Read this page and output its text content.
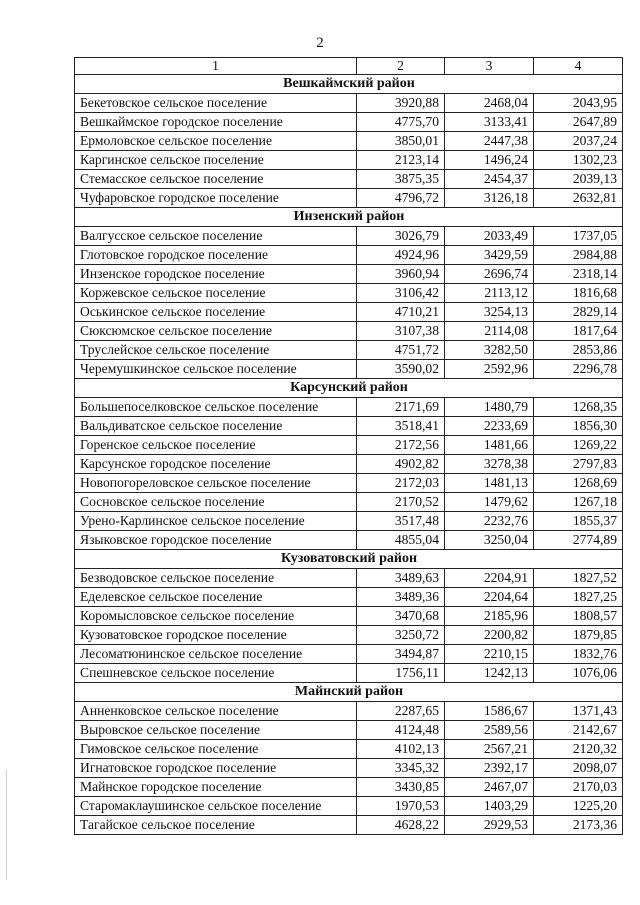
2
1	2	3	4
Вешкаймский район			
Бекетовское сельское поселение	3920,88	2468,04	2043,95
Вешкаймское городское поселение	4775,70	3133,41	2647,89
Ермоловское сельское поселение	3850,01	2447,38	2037,24
Каргинское сельское поселение	2123,14	1496,24	1302,23
Стемасское сельское поселение	3875,35	2454,37	2039,13
Чуфаровское городское поселение	4796,72	3126,18	2632,81
Инзенский район			
Валгусское сельское поселение	3026,79	2033,49	1737,05
Глотовское городское поселение	4924,96	3429,59	2984,88
Инзенское городское поселение	3960,94	2696,74	2318,14
Коржевское сельское поселение	3106,42	2113,12	1816,68
Оськинское сельское поселение	4710,21	3254,13	2829,14
Сюксюмское сельское поселение	3107,38	2114,08	1817,64
Труслейское сельское поселение	4751,72	3282,50	2853,86
Черемушкинское сельское поселение	3590,02	2592,96	2296,78
Карсунский район			
Большепоселковское сельское поселение	2171,69	1480,79	1268,35
Вальдиватское сельское поселение	3518,41	2233,69	1856,30
Горенское сельское поселение	2172,56	1481,66	1269,22
Карсунское городское поселение	4902,82	3278,38	2797,83
Новопогореловское сельское поселение	2172,03	1481,13	1268,69
Сосновское сельское поселение	2170,52	1479,62	1267,18
Урено-Карлинское сельское поселение	3517,48	2232,76	1855,37
Языковское городское поселение	4855,04	3250,04	2774,89
Кузоватовский район			
Безводовское сельское поселение	3489,63	2204,91	1827,52
Еделевское сельское поселение	3489,36	2204,64	1827,25
Коромысловское сельское поселение	3470,68	2185,96	1808,57
Кузоватовское городское поселение	3250,72	2200,82	1879,85
Лесоматюнинское сельское поселение	3494,87	2210,15	1832,76
Спешневское сельское поселение	1756,11	1242,13	1076,06
Майнский район			
Анненковское сельское поселение	2287,65	1586,67	1371,43
Выровское сельское поселение	4124,48	2589,56	2142,67
Гимовское сельское поселение	4102,13	2567,21	2120,32
Игнатовское городское поселение	3345,32	2392,17	2098,07
Майнское городское поселение	3430,85	2467,07	2170,03
Старомаклаушинское сельское поселение	1970,53	1403,29	1225,20
Тагайское сельское поселение	4628,22	2929,53	2173,36
